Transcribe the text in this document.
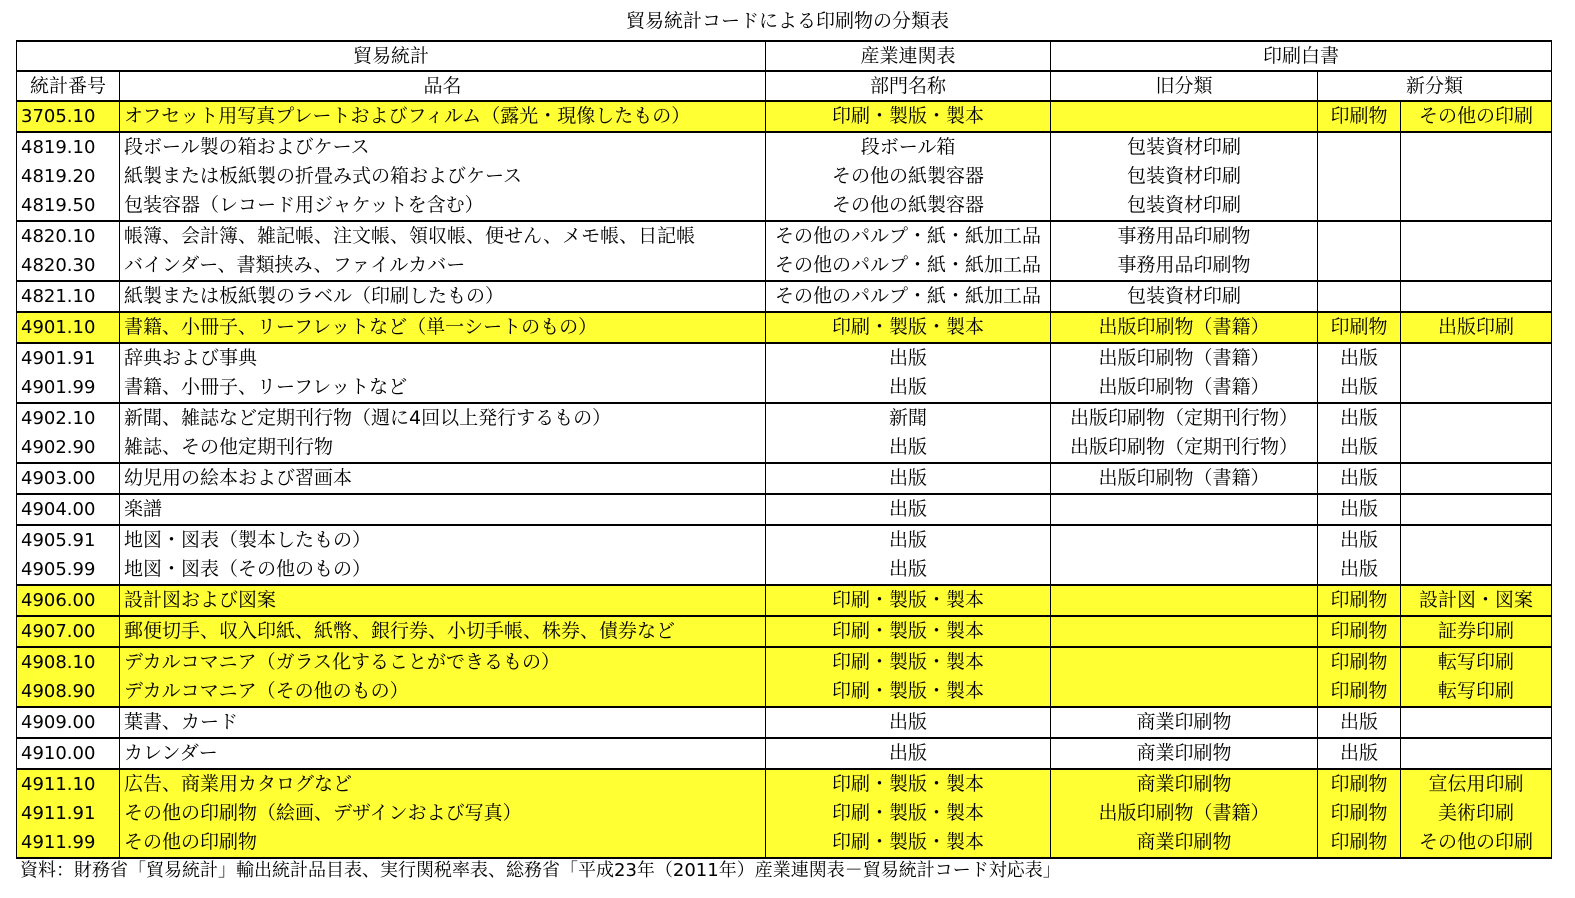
貿易統計コードによる印刷物の分類表
貿易統計		産業連関表	印刷白書		
統計番号	品名	部門名称	旧分類	新分類	
3705.10	オフセット用写真プレートおよびフィルム（露光・現像したもの）	印刷・製版・製本		印刷物	その他の印刷
4819.10	段ボール製の箱およびケース	段ボール箱	包装資材印刷		
4819.20	紙製または板紙製の折畳み式の箱およびケース	その他の紙製容器	包装資材印刷		
4819.50	包装容器（レコード用ジャケットを含む）	その他の紙製容器	包装資材印刷		
4820.10	帳簿、会計簿、雑記帳、注文帳、領収帳、便せん、メモ帳、日記帳	その他のパルプ・紙・紙加工品	事務用品印刷物		
4820.30	バインダー、書類挟み、ファイルカバー	その他のパルプ・紙・紙加工品	事務用品印刷物		
4821.10	紙製または板紙製のラベル（印刷したもの）	その他のパルプ・紙・紙加工品	包装資材印刷		
4901.10	書籍、小冊子、リーフレットなど（単一シートのもの）	印刷・製版・製本	出版印刷物（書籍）	印刷物	出版印刷
4901.91	辞典および事典	出版	出版印刷物（書籍）	出版	
4901.99	書籍、小冊子、リーフレットなど	出版	出版印刷物（書籍）	出版	
4902.10	新聞、雑誌など定期刊行物（週に4回以上発行するもの）	新聞	出版印刷物（定期刊行物）	出版	
4902.90	雑誌、その他定期刊行物	出版	出版印刷物（定期刊行物）	出版	
4903.00	幼児用の絵本および習画本	出版	出版印刷物（書籍）	出版	
4904.00	楽譜	出版		出版	
4905.91	地図・図表（製本したもの）	出版		出版	
4905.99	地図・図表（その他のもの）	出版		出版	
4906.00	設計図および図案	印刷・製版・製本		印刷物	設計図・図案
4907.00	郵便切手、収入印紙、紙幣、銀行券、小切手帳、株券、債券など	印刷・製版・製本		印刷物	証券印刷
4908.10	デカルコマニア（ガラス化することができるもの）	印刷・製版・製本		印刷物	転写印刷
4908.90	デカルコマニア（その他のもの）	印刷・製版・製本		印刷物	転写印刷
4909.00	葉書、カード	出版	商業印刷物	出版	
4910.00	カレンダー	出版	商業印刷物	出版	
4911.10	広告、商業用カタログなど	印刷・製版・製本	商業印刷物	印刷物	宣伝用印刷
4911.91	その他の印刷物（絵画、デザインおよび写真）	印刷・製版・製本	出版印刷物（書籍）	印刷物	美術印刷
4911.99	その他の印刷物	印刷・製版・製本	商業印刷物	印刷物	その他の印刷
資料：財務省「貿易統計」輸出統計品目表、実行関税率表、総務省「平成23年（2011年）産業連関表－貿易統計コード対応表」
